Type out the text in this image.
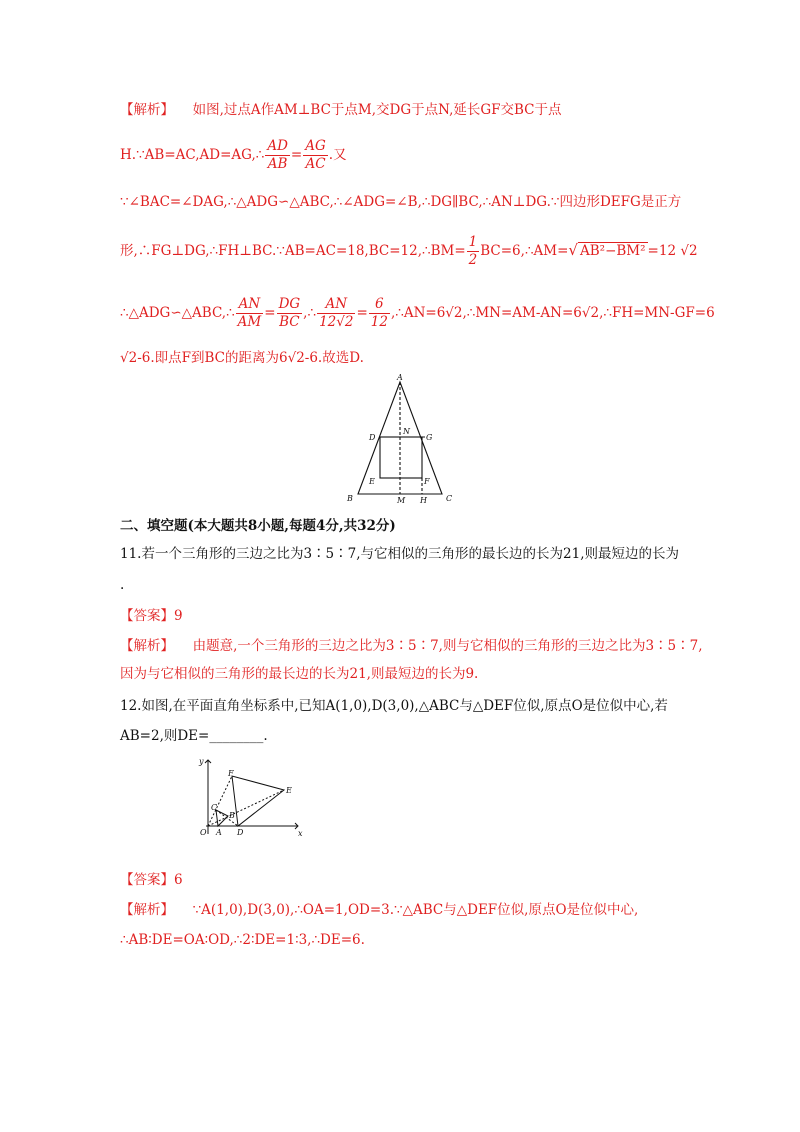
【解析】 如图,过点A作AM⊥BC于点M,交DG于点N,延长GF交BC于点
H.∵AB=AC,AD=AG,∴ $\frac{AD}{AB} = \frac{AG}{AC}$ .又
∵∠BAC=∠DAG,∴△ADG∽△ABC,∴∠ADG=∠B,∴DG∥BC,∴AN⊥DG.∵四边形DEFG是正方
形,∴FG⊥DG,∴FH⊥BC.∵AB=AC=18,BC=12,∴BM= $\frac{1}{2}$ BC=6,∴AM=√ AB²−BM² =12 √2
∴△ADG∽△ABC,∴ $\frac{AN}{AM} = \frac{DG}{BC}$ ,∴ $\frac{AN}{12√2} = \frac{6}{12}$ ,∴AN=6√2,∴MN=AM-AN=6√2,∴FH=MN-GF=6
√2-6.即点F到BC的距离为6√2-6.故选D.
A
D	G
N
E	F
B	M H C
二、填空题(本大题共8小题,每题4分,共32分)
11.若一个三角形的三边之比为3∶5∶7,与它相似的三角形的最长边的长为21,则最短边的长为
.
【答案】9
【解析】 由题意,一个三角形的三边之比为3∶5∶7,则与它相似的三角形的三边之比为3∶5∶7,
因为与它相似的三角形的最长边的长为21,则最短边的长为9.
12.如图,在平面直角坐标系中,已知A(1,0),D(3,0),△ABC与△DEF位似,原点O是位似中心,若
AB=2,则DE=________.
y
x
O A
B
C
D
E
F
【答案】6
【解析】 ∵A(1,0),D(3,0),∴OA=1,OD=3.∵△ABC与△DEF位似,原点O是位似中心,
∴AB∶DE=OA∶OD,∴2∶DE=1∶3,∴DE=6.
